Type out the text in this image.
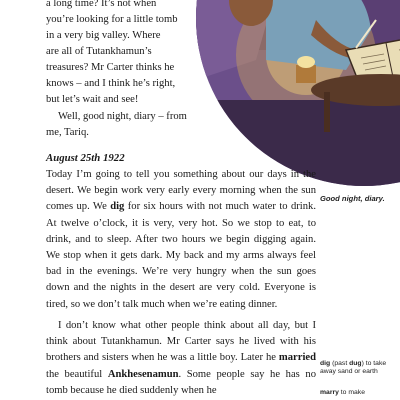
a long time? It’s not when

you’re looking for a little tomb

in a very big valley. Where

are all of Tutankhamun’s

treasures? Mr Carter thinks he

knows – and I think he’s right,

but let’s wait and see!

Well, good night, diary – from

me, Tariq.

August 25th 1922

Today I’m going to tell you something about our days in the desert. We begin work very early every morning when the sun comes up. We dig for six hours with not much water to drink. At twelve o’clock, it is very, very hot. So we stop to eat, to drink, and to sleep. After two hours we begin digging again. We stop when it gets dark. My back and my arms always feel bad in the evenings. We’re very hungry when the sun goes down and the nights in the desert are very cold. Everyone is tired, so we don’t talk much when we’re eating dinner.

I don’t know what other people think about all day, but I think about Tutankhamun. Mr Carter says he lived with his brothers and sisters when he was a little boy. Later he married the beautiful Ankhesenamun. Some people say he has no tomb because he died suddenly when he

Good night, diary.

dig (past dug) to take away sand or earth

marry to make
